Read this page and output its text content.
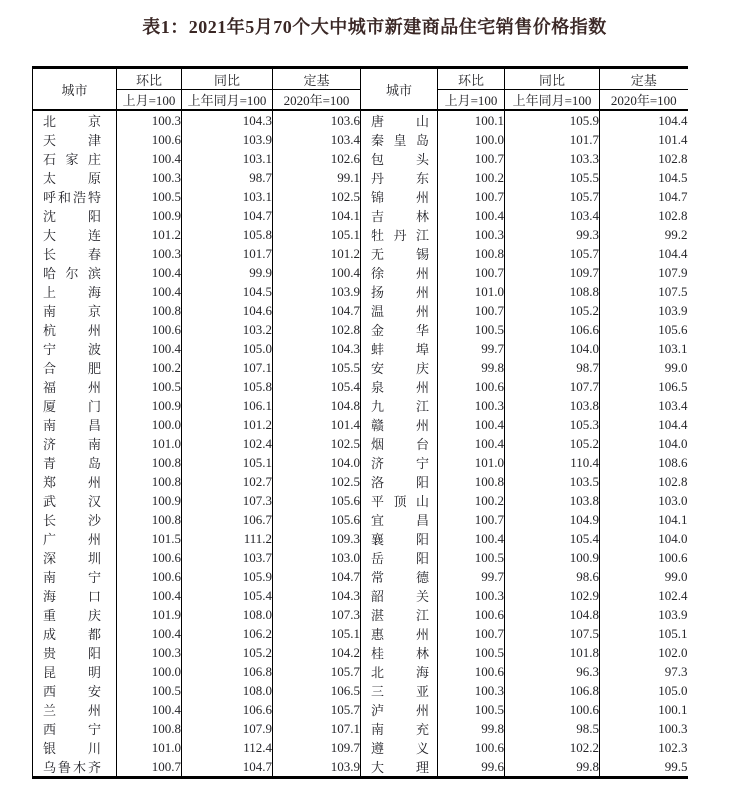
表1：2021年5月70个大中城市新建商品住宅销售价格指数
城市	环比	同比	定基	城市	环比	同比	定基
	上月=100	上年同月=100	2020年=100		上月=100	上年同月=100	2020年=100

北 京	100.3	104.3	103.6	唐 山	100.1	105.9	104.4

天 津	100.6	103.9	103.4	秦 皇 岛	100.0	101.7	101.4

石 家 庄	100.4	103.1	102.6	包 头	100.7	103.3	102.8

太 原	100.3	98.7	99.1	丹 东	100.2	105.5	104.5

呼 和 浩 特	100.5	103.1	102.5	锦 州	100.7	105.7	104.7

沈 阳	100.9	104.7	104.1	吉 林	100.4	103.4	102.8

大 连	101.2	105.8	105.1	牡 丹 江	100.3	99.3	99.2

长 春	100.3	101.7	101.2	无 锡	100.8	105.7	104.4

哈 尔 滨	100.4	99.9	100.4	徐 州	100.7	109.7	107.9

上 海	100.4	104.5	103.9	扬 州	101.0	108.8	107.5

南 京	100.8	104.6	104.7	温 州	100.7	105.2	103.9

杭 州	100.6	103.2	102.8	金 华	100.5	106.6	105.6

宁 波	100.4	105.0	104.3	蚌 埠	99.7	104.0	103.1

合 肥	100.2	107.1	105.5	安 庆	99.8	98.7	99.0

福 州	100.5	105.8	105.4	泉 州	100.6	107.7	106.5

厦 门	100.9	106.1	104.8	九 江	100.3	103.8	103.4

南 昌	100.0	101.2	101.4	赣 州	100.4	105.3	104.4

济 南	101.0	102.4	102.5	烟 台	100.4	105.2	104.0

青 岛	100.8	105.1	104.0	济 宁	101.0	110.4	108.6

郑 州	100.8	102.7	102.5	洛 阳	100.8	103.5	102.8

武 汉	100.9	107.3	105.6	平 顶 山	100.2	103.8	103.0

长 沙	100.8	106.7	105.6	宜 昌	100.7	104.9	104.1

广 州	101.5	111.2	109.3	襄 阳	100.4	105.4	104.0

深 圳	100.6	103.7	103.0	岳 阳	100.5	100.9	100.6

南 宁	100.6	105.9	104.7	常 德	99.7	98.6	99.0

海 口	100.4	105.4	104.3	韶 关	100.3	102.9	102.4

重 庆	101.9	108.0	107.3	湛 江	100.6	104.8	103.9

成 都	100.4	106.2	105.1	惠 州	100.7	107.5	105.1

贵 阳	100.3	105.2	104.2	桂 林	100.5	101.8	102.0

昆 明	100.0	106.8	105.7	北 海	100.6	96.3	97.3

西 安	100.5	108.0	106.5	三 亚	100.3	106.8	105.0

兰 州	100.4	106.6	105.7	泸 州	100.5	100.6	100.1

西 宁	100.8	107.9	107.1	南 充	99.8	98.5	100.3

银 川	101.0	112.4	109.7	遵 义	100.6	102.2	102.3

乌 鲁 木 齐	100.7	104.7	103.9	大 理	99.6	99.8	99.5
